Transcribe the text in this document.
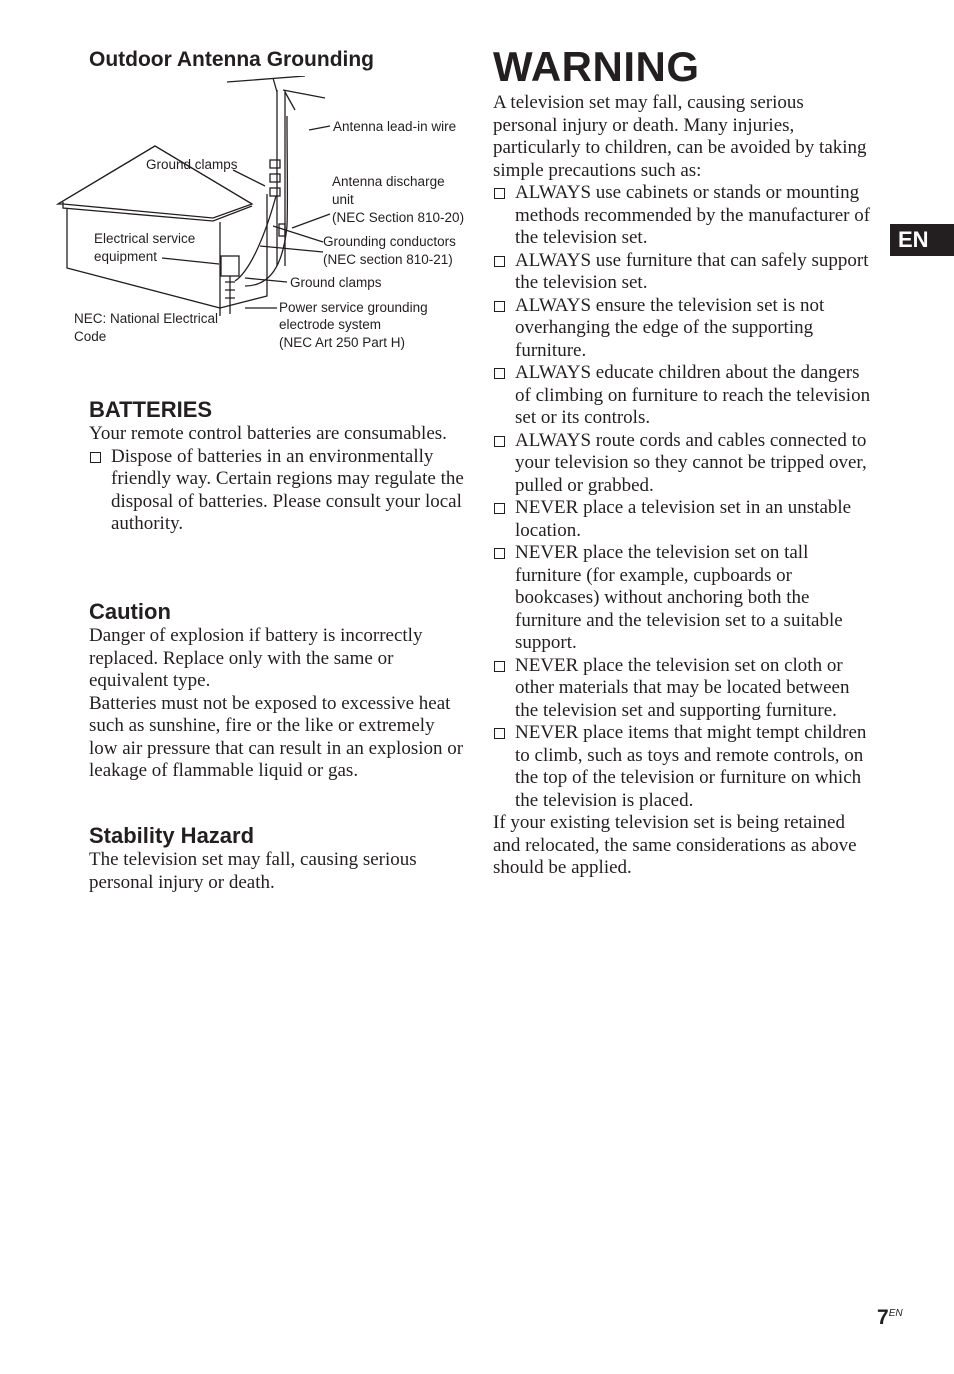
Outdoor Antenna Grounding
Antenna lead-in wire
Ground clamps
Antenna discharge
unit
(NEC Section 810-20)
Electrical service
equipment
Grounding conductors
(NEC section 810-21)
Ground clamps
NEC: National Electrical
Code
Power service grounding
electrode system
(NEC Art 250 Part H)
BATTERIES

Your remote control batteries are consumables.

Dispose of batteries in an environmentally friendly way. Certain regions may regulate the disposal of batteries. Please consult your local authority.
Caution

Danger of explosion if battery is incorrectly replaced. Replace only with the same or equivalent type.

Batteries must not be exposed to excessive heat such as sunshine, fire or the like or extremely low air pressure that can result in an explosion or leakage of flammable liquid or gas.

Stability Hazard

The television set may fall, causing serious personal injury or death.

WARNING

A television set may fall, causing serious personal injury or death. Many injuries, particularly to children, can be avoided by taking simple precautions such as:

ALWAYS use cabinets or stands or mounting methods recommended by the manufacturer of the television set.
ALWAYS use furniture that can safely support the television set.
ALWAYS ensure the television set is not overhanging the edge of the supporting furniture.
ALWAYS educate children about the dangers of climbing on furniture to reach the television set or its controls.
ALWAYS route cords and cables connected to your television so they cannot be tripped over, pulled or grabbed.
NEVER place a television set in an unstable location.
NEVER place the television set on tall furniture (for example, cupboards or bookcases) without anchoring both the furniture and the television set to a suitable support.
NEVER place the television set on cloth or other materials that may be located between the television set and supporting furniture.
NEVER place items that might tempt children to climb, such as toys and remote controls, on the top of the television or furniture on which the television is placed.

If your existing television set is being retained and relocated, the same considerations as above should be applied.

EN
$7^{EN}$
